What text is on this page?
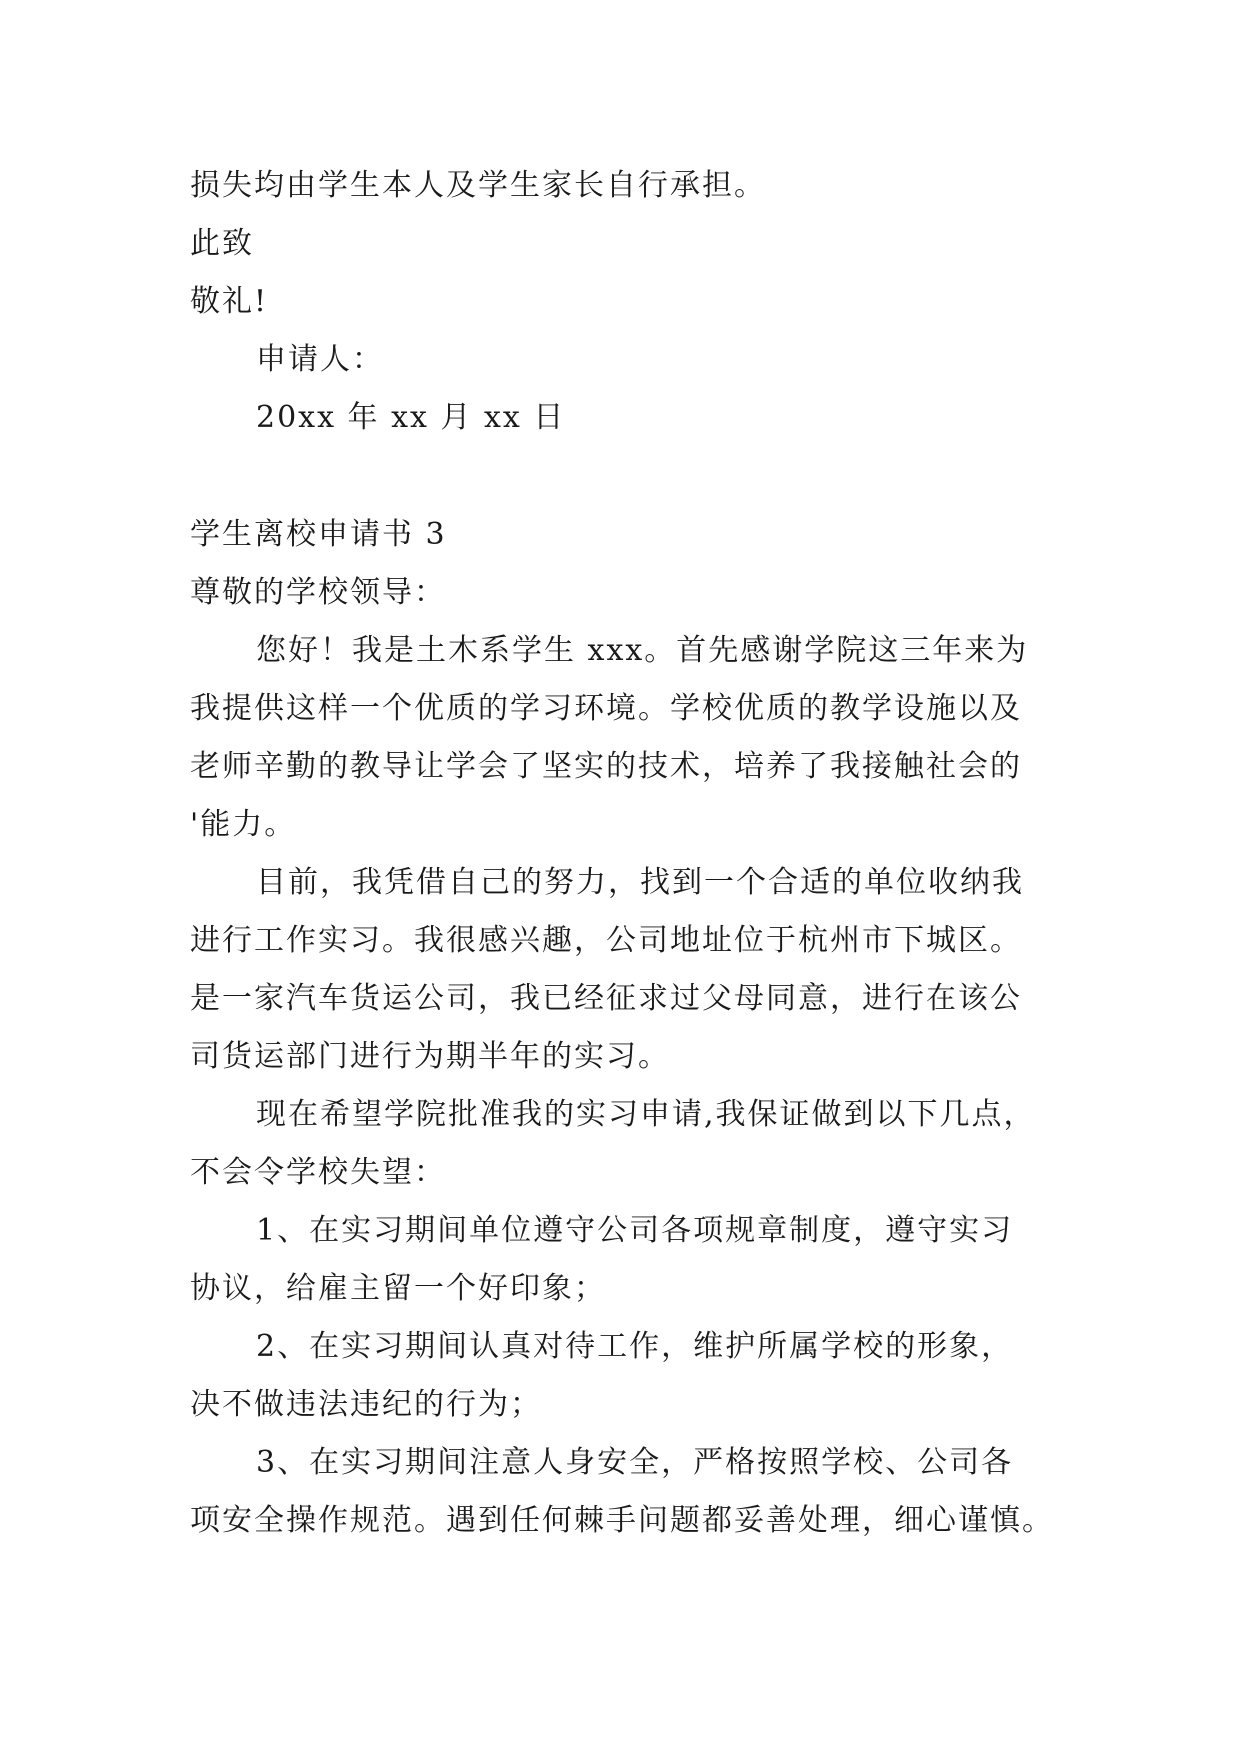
损失均由学生本人及学生家长自行承担。
此致
敬礼!
申请人：
20xx 年 xx 月 xx 日
学生离校申请书 3
尊敬的学校领导：
您好！我是土木系学生 xxx。首先感谢学院这三年来为
我提供这样一个优质的学习环境。学校优质的教学设施以及
老师辛勤的教导让学会了坚实的技术，培养了我接触社会的
'能力。
目前，我凭借自己的努力，找到一个合适的单位收纳我
进行工作实习。我很感兴趣，公司地址位于杭州市下城区。
是一家汽车货运公司，我已经征求过父母同意，进行在该公
司货运部门进行为期半年的实习。
现在希望学院批准我的实习申请,我保证做到以下几点，
不会令学校失望：
1、在实习期间单位遵守公司各项规章制度，遵守实习
协议，给雇主留一个好印象；
2、在实习期间认真对待工作，维护所属学校的形象，
决不做违法违纪的行为；
3、在实习期间注意人身安全，严格按照学校、公司各
项安全操作规范。遇到任何棘手问题都妥善处理，细心谨慎。
